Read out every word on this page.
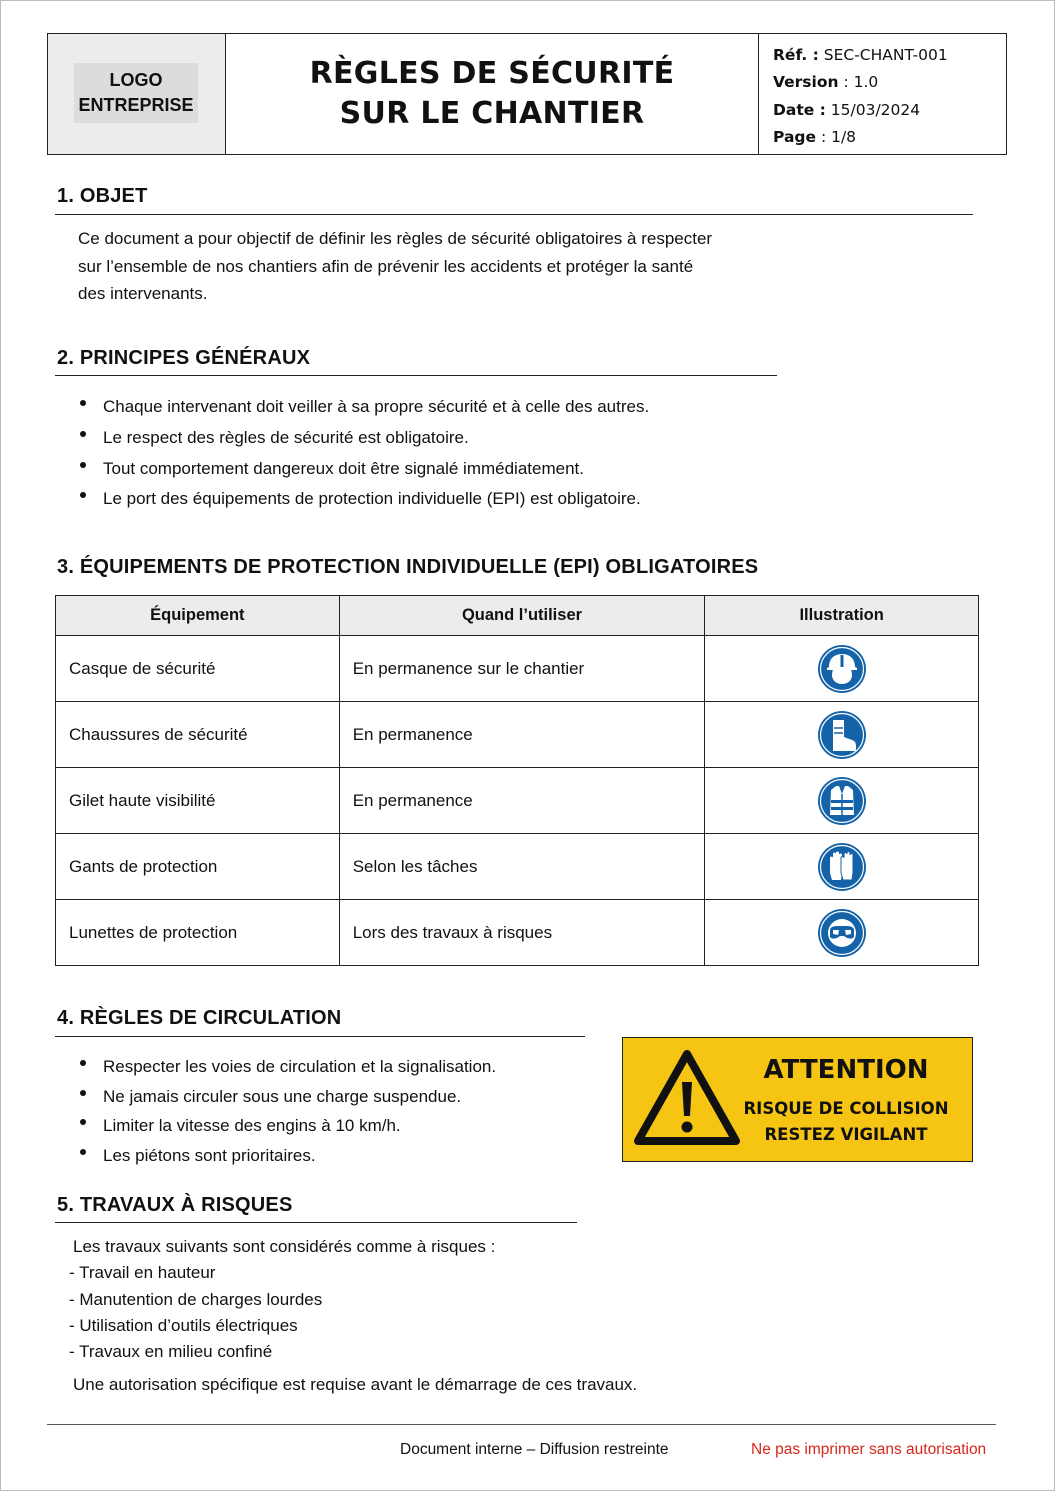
LOGO
ENTREPRISE
RÈGLES DE SÉCURITÉ
SUR LE CHANTIER
Réf. : SEC-CHANT-001
Version : 1.0
Date : 15/03/2024
Page : 1/8
1. OBJET
Ce document a pour objectif de définir les règles de sécurité obligatoires à respecter
sur l’ensemble de nos chantiers afin de prévenir les accidents et protéger la santé
des intervenants.
2. PRINCIPES GÉNÉRAUX
Chaque intervenant doit veiller à sa propre sécurité et à celle des autres.
Le respect des règles de sécurité est obligatoire.
Tout comportement dangereux doit être signalé immédiatement.
Le port des équipements de protection individuelle (EPI) est obligatoire.
3. ÉQUIPEMENTS DE PROTECTION INDIVIDUELLE (EPI) OBLIGATOIRES
Équipement	Quand l’utiliser	Illustration
Casque de sécurité	En permanence sur le chantier	
Chaussures de sécurité	En permanence	
Gilet haute visibilité	En permanence	
Gants de protection	Selon les tâches	
Lunettes de protection	Lors des travaux à risques	
4. RÈGLES DE CIRCULATION
Respecter les voies de circulation et la signalisation.
Ne jamais circuler sous une charge suspendue.
Limiter la vitesse des engins à 10 km/h.
Les piétons sont prioritaires.
ATTENTION
RISQUE DE COLLISION
RESTEZ VIGILANT
5. TRAVAUX À RISQUES
Les travaux suivants sont considérés comme à risques :
- Travail en hauteur
- Manutention de charges lourdes
- Utilisation d’outils électriques
- Travaux en milieu confiné
Une autorisation spécifique est requise avant le démarrage de ces travaux.
Document interne – Diffusion restreinte	Ne pas imprimer sans autorisation
